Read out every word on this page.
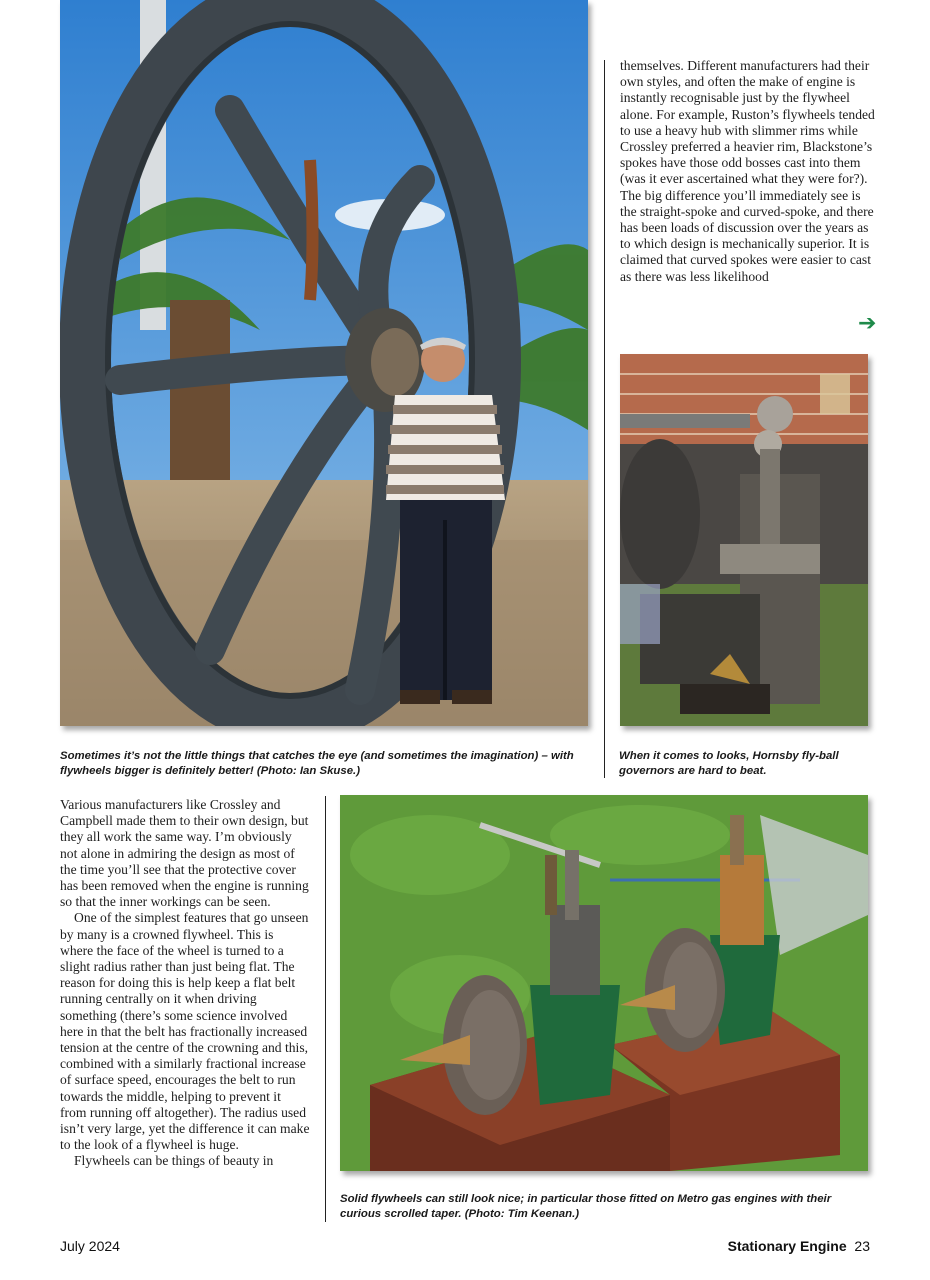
themselves. Different manufacturers had their own styles, and often the make of engine is instantly recognisable just by the flywheel alone. For example, Ruston’s flywheels tended to use a heavy hub with slimmer rims while Crossley preferred a heavier rim, Blackstone’s spokes have those odd bosses cast into them (was it ever ascertained what they were for?). The big difference you’ll immediately see is the straight-spoke and curved-spoke, and there has been loads of discussion over the years as to which design is mechanically superior. It is claimed that curved spokes were easier to cast as there was less likelihood

➔
Sometimes it’s not the little things that catches the eye (and sometimes the imagination) – with flywheels bigger is definitely better! (Photo: Ian Skuse.)
When it comes to looks, Hornsby fly-ball governors are hard to beat.

Various manufacturers like Crossley and Campbell made them to their own design, but they all work the same way. I’m obviously not alone in admiring the design as most of the time you’ll see that the protective cover has been removed when the engine is running so that the inner workings can be seen.

One of the simplest features that go unseen by many is a crowned flywheel. This is where the face of the wheel is turned to a slight radius rather than just being flat. The reason for doing this is help keep a flat belt running centrally on it when driving something (there’s some science involved here in that the belt has fractionally increased tension at the centre of the crowning and this, combined with a similarly fractional increase of surface speed, encourages the belt to run towards the middle, helping to prevent it from running off altogether). The radius used isn’t very large, yet the difference it can make to the look of a flywheel is huge.

Flywheels can be things of beauty in

Solid flywheels can still look nice; in particular those fitted on Metro gas engines with their curious scrolled taper. (Photo: Tim Keenan.)
July 2024	Stationary Engine 23
